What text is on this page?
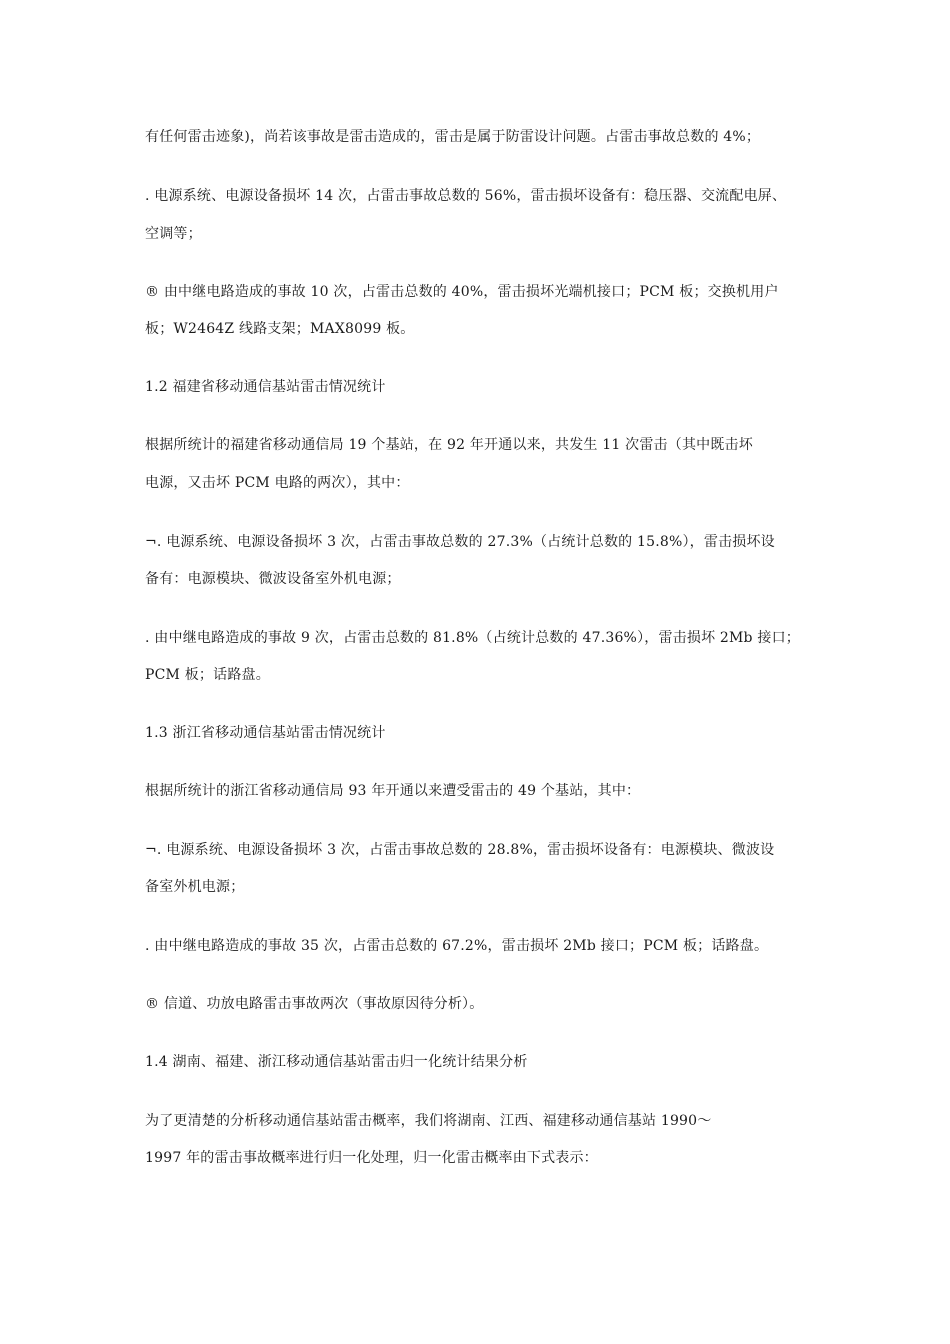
有任何雷击迹象)，尚若该事故是雷击造成的，雷击是属于防雷设计问题。占雷击事故总数的 4%；
. 电源系统、电源设备损坏 14 次，占雷击事故总数的 56%，雷击损坏设备有：稳压器、交流配电屏、
空调等；
® 由中继电路造成的事故 10 次，占雷击总数的 40%，雷击损坏光端机接口；PCM 板；交换机用户
板；W2464Z 线路支架；MAX8099 板。
1.2 福建省移动通信基站雷击情况统计
根据所统计的福建省移动通信局 19 个基站，在 92 年开通以来，共发生 11 次雷击（其中既击坏
电源，又击坏 PCM 电路的两次），其中：
¬. 电源系统、电源设备损坏 3 次，占雷击事故总数的 27.3%（占统计总数的 15.8%），雷击损坏设
备有：电源模块、微波设备室外机电源；
. 由中继电路造成的事故 9 次，占雷击总数的 81.8%（占统计总数的 47.36%），雷击损坏 2Mb 接口；
PCM 板；话路盘。
1.3 浙江省移动通信基站雷击情况统计
根据所统计的浙江省移动通信局 93 年开通以来遭受雷击的 49 个基站，其中：
¬. 电源系统、电源设备损坏 3 次，占雷击事故总数的 28.8%，雷击损坏设备有：电源模块、微波设
备室外机电源；
. 由中继电路造成的事故 35 次，占雷击总数的 67.2%，雷击损坏 2Mb 接口；PCM 板；话路盘。
® 信道、功放电路雷击事故两次（事故原因待分析）。
1.4 湖南、福建、浙江移动通信基站雷击归一化统计结果分析
为了更清楚的分析移动通信基站雷击概率，我们将湖南、江西、福建移动通信基站 1990～
1997 年的雷击事故概率进行归一化处理，归一化雷击概率由下式表示：
